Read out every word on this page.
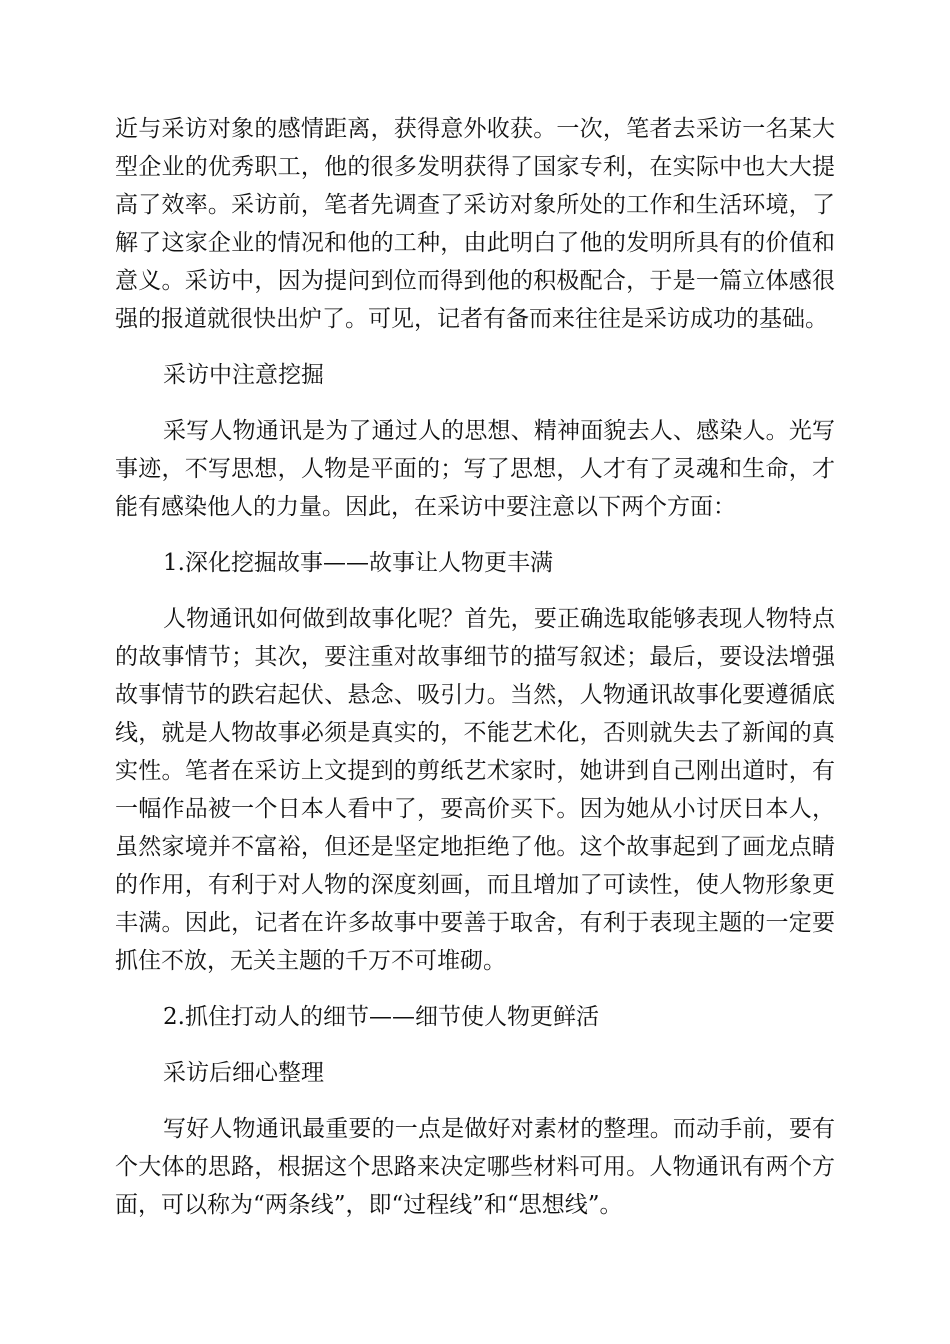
近与采访对象的感情距离，获得意外收获。一次，笔者去采访一名某大型企业的优秀职工，他的很多发明获得了国家专利，在实际中也大大提高了效率。采访前，笔者先调查了采访对象所处的工作和生活环境，了解了这家企业的情况和他的工种，由此明白了他的发明所具有的价值和意义。采访中，因为提问到位而得到他的积极配合，于是一篇立体感很强的报道就很快出炉了。可见，记者有备而来往往是采访成功的基础。

采访中注意挖掘

采写人物通讯是为了通过人的思想、精神面貌去人、感染人。光写事迹，不写思想，人物是平面的；写了思想，人才有了灵魂和生命，才能有感染他人的力量。因此，在采访中要注意以下两个方面：

1.深化挖掘故事——故事让人物更丰满

人物通讯如何做到故事化呢？首先，要正确选取能够表现人物特点的故事情节；其次，要注重对故事细节的描写叙述；最后，要设法增强故事情节的跌宕起伏、悬念、吸引力。当然，人物通讯故事化要遵循底线，就是人物故事必须是真实的，不能艺术化，否则就失去了新闻的真实性。笔者在采访上文提到的剪纸艺术家时，她讲到自己刚出道时，有一幅作品被一个日本人看中了，要高价买下。因为她从小讨厌日本人，虽然家境并不富裕，但还是坚定地拒绝了他。这个故事起到了画龙点睛的作用，有利于对人物的深度刻画，而且增加了可读性，使人物形象更丰满。因此，记者在许多故事中要善于取舍，有利于表现主题的一定要抓住不放，无关主题的千万不可堆砌。

2.抓住打动人的细节——细节使人物更鲜活

采访后细心整理

写好人物通讯最重要的一点是做好对素材的整理。而动手前，要有个大体的思路，根据这个思路来决定哪些材料可用。人物通讯有两个方面，可以称为“两条线”，即“过程线”和“思想线”。
